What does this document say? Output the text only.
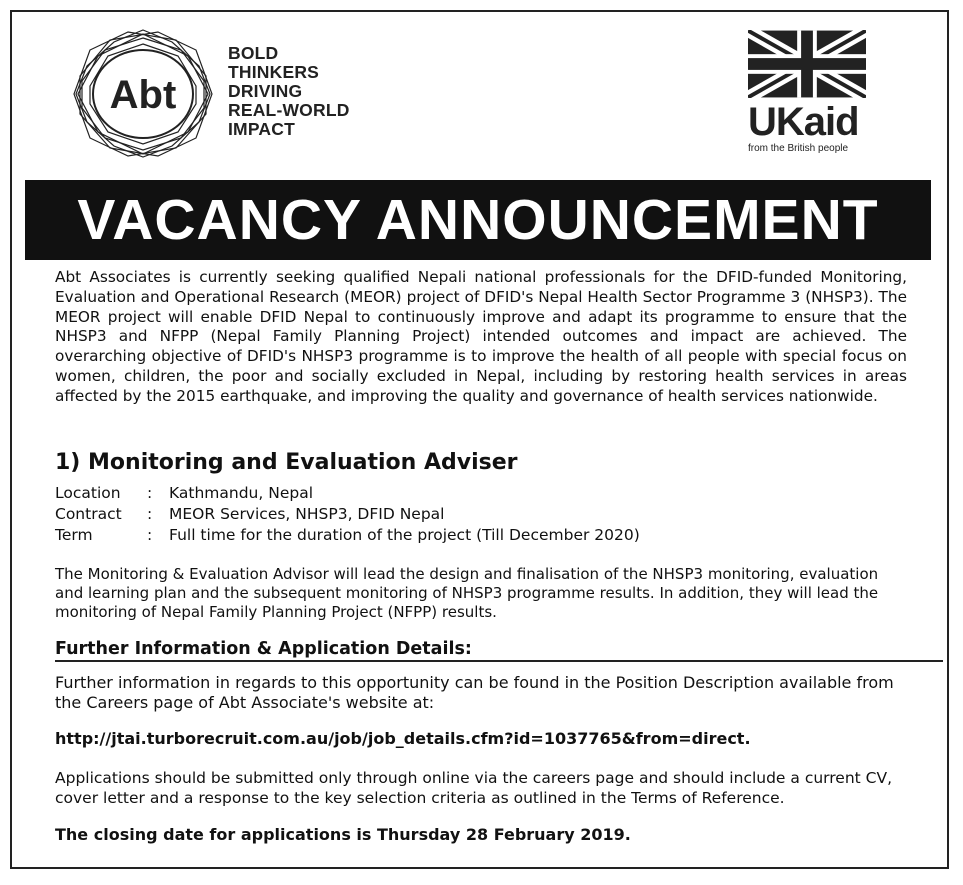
Abt
BOLD
THINKERS
DRIVING
REAL-WORLD
IMPACT	UKaid
from the British people
VACANCY ANNOUNCEMENT

Abt Associates is currently seeking qualified Nepali national professionals for the DFID-funded Monitoring, Evaluation and Operational Research (MEOR) project of DFID's Nepal Health Sector Programme 3 (NHSP3). The MEOR project will enable DFID Nepal to continuously improve and adapt its programme to ensure that the NHSP3 and NFPP (Nepal Family Planning Project) intended outcomes and impact are achieved. The overarching objective of DFID's NHSP3 programme is to improve the health of all people with special focus on women, children, the poor and socially excluded in Nepal, including by restoring health services in areas affected by the 2015 earthquake, and improving the quality and governance of health services nationwide.

1) Monitoring and Evaluation Adviser
Location	:	Kathmandu, Nepal
Contract	:	MEOR Services, NHSP3, DFID Nepal
Term	:	Full time for the duration of the project (Till December 2020)
The Monitoring & Evaluation Advisor will lead the design and finalisation of the NHSP3 monitoring, evaluation and learning plan and the subsequent monitoring of NHSP3 programme results. In addition, they will lead the monitoring of Nepal Family Planning Project (NFPP) results.
Further Information & Application Details:
Further information in regards to this opportunity can be found in the Position Description available from the Careers page of Abt Associate's website at:
http://jtai.turborecruit.com.au/job/job_details.cfm?id=1037765&from=direct.
Applications should be submitted only through online via the careers page and should include a current CV, cover letter and a response to the key selection criteria as outlined in the Terms of Reference.
The closing date for applications is Thursday 28 February 2019.
